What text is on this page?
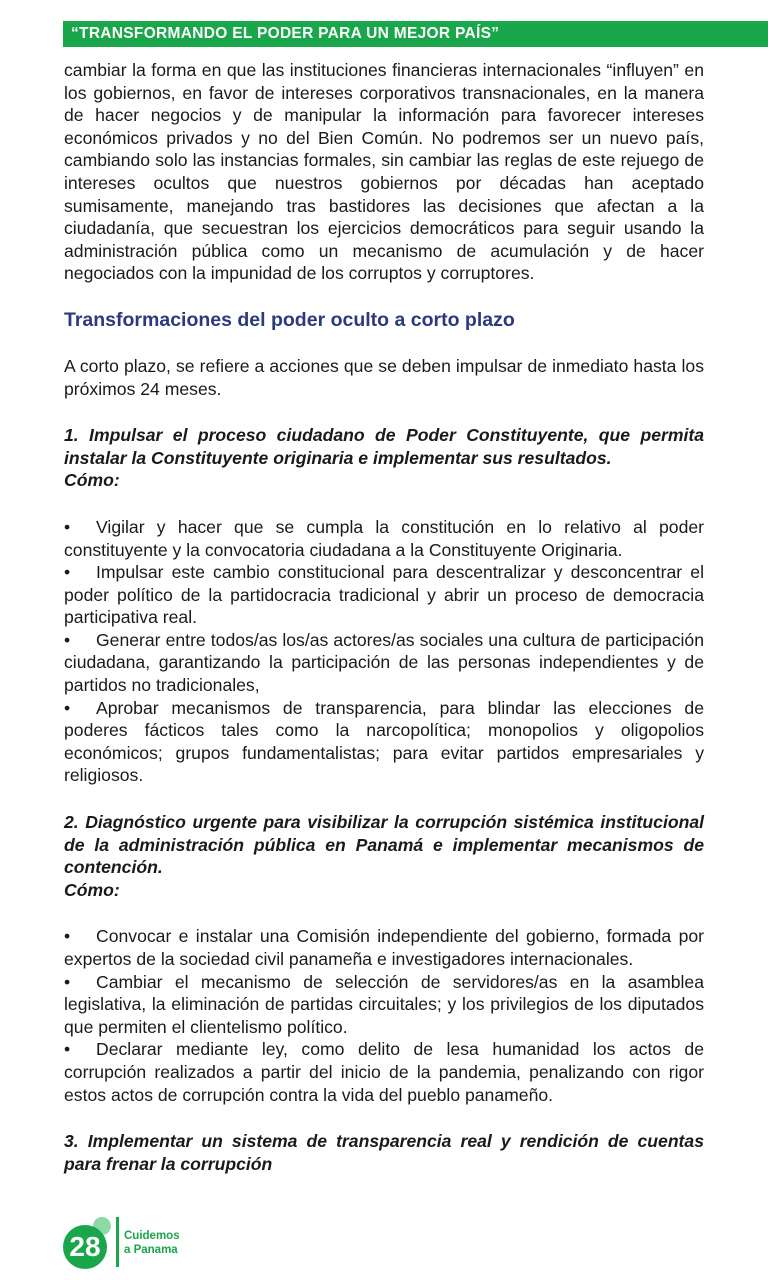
“TRANSFORMANDO EL PODER PARA UN MEJOR PAÍS”

cambiar la forma en que las instituciones financieras internacionales “influyen” en los gobiernos, en favor de intereses corporativos transnacionales, en la manera de hacer negocios y de manipular la información para favorecer intereses económicos privados y no del Bien Común. No podremos ser un nuevo país, cambiando solo las instancias formales, sin cambiar las reglas de este rejuego de intereses ocultos que nuestros gobiernos por décadas han aceptado sumisamente, manejando tras bastidores las decisiones que afectan a la ciudadanía, que secuestran los ejercicios democráticos para seguir usando la administración pública como un mecanismo de acumulación y de hacer negociados con la impunidad de los corruptos y corruptores.

Transformaciones del poder oculto a corto plazo

A corto plazo, se refiere a acciones que se deben impulsar de inmediato hasta los próximos 24 meses.

1. Impulsar el proceso ciudadano de Poder Constituyente, que permita instalar la Constituyente originaria e implementar sus resultados.

Cómo:

• Vigilar y hacer que se cumpla la constitución en lo relativo al poder constituyente y la convocatoria ciudadana a la Constituyente Originaria.

• Impulsar este cambio constitucional para descentralizar y desconcentrar el poder político de la partidocracia tradicional y abrir un proceso de democracia participativa real.

• Generar entre todos/as los/as actores/as sociales una cultura de participación ciudadana, garantizando la participación de las personas independientes y de partidos no tradicionales,

• Aprobar mecanismos de transparencia, para blindar las elecciones de poderes fácticos tales como la narcopolítica; monopolios y oligopolios económicos; grupos fundamentalistas; para evitar partidos empresariales y religiosos.

2. Diagnóstico urgente para visibilizar la corrupción sistémica institucional de la administración pública en Panamá e implementar mecanismos de contención.

Cómo:

• Convocar e instalar una Comisión independiente del gobierno, formada por expertos de la sociedad civil panameña e investigadores internacionales.

• Cambiar el mecanismo de selección de servidores/as en la asamblea legislativa, la eliminación de partidas circuitales; y los privilegios de los diputados que permiten el clientelismo político.

• Declarar mediante ley, como delito de lesa humanidad los actos de corrupción realizados a partir del inicio de la pandemia, penalizando con rigor estos actos de corrupción contra la vida del pueblo panameño.

3. Implementar un sistema de transparencia real y rendición de cuentas para frenar la corrupción

28	Cuidemos
a Panama
